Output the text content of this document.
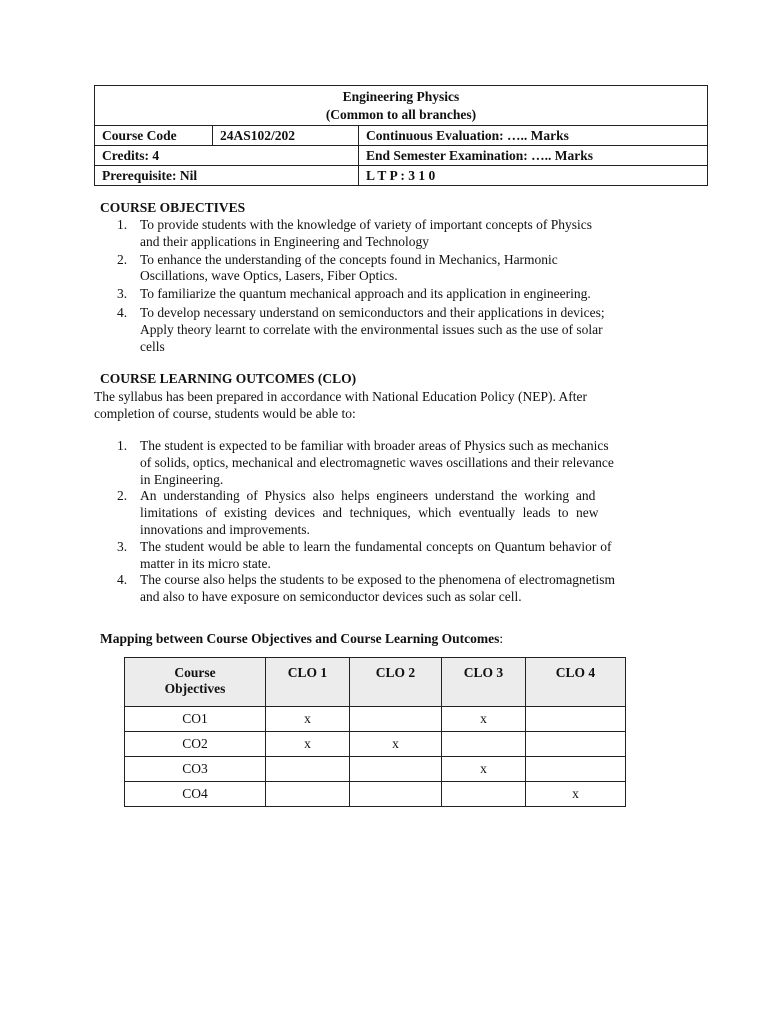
Engineering Physics
(Common to all branches)		

Course Code	24AS102/202	Continuous Evaluation: ….. Marks
Credits: 4		End Semester Examination: ….. Marks
Prerequisite: Nil		L T P : 3 1 0
COURSE OBJECTIVES
1. To provide students with the knowledge of variety of important concepts of Physics
and their applications in Engineering and Technology
2. To enhance the understanding of the concepts found in Mechanics, Harmonic
Oscillations, wave Optics, Lasers, Fiber Optics.
3. To familiarize the quantum mechanical approach and its application in engineering.
4. To develop necessary understand on semiconductors and their applications in devices;
Apply theory learnt to correlate with the environmental issues such as the use of solar
cells
COURSE LEARNING OUTCOMES (CLO)
The syllabus has been prepared in accordance with National Education Policy (NEP). After
completion of course, students would be able to:
1. The student is expected to be familiar with broader areas of Physics such as mechanics
of solids, optics, mechanical and electromagnetic waves oscillations and their relevance
in Engineering.
2. An understanding of Physics also helps engineers understand the working and
limitations of existing devices and techniques, which eventually leads to new
innovations and improvements.
3. The student would be able to learn the fundamental concepts on Quantum behavior of
matter in its micro state.
4. The course also helps the students to be exposed to the phenomena of electromagnetism
and also to have exposure on semiconductor devices such as solar cell.
Mapping between Course Objectives and Course Learning Outcomes:
Course
Objectives	CLO 1	CLO 2	CLO 3	CLO 4
CO1	x		x	
CO2	x	x		
CO3			x	
CO4				x
